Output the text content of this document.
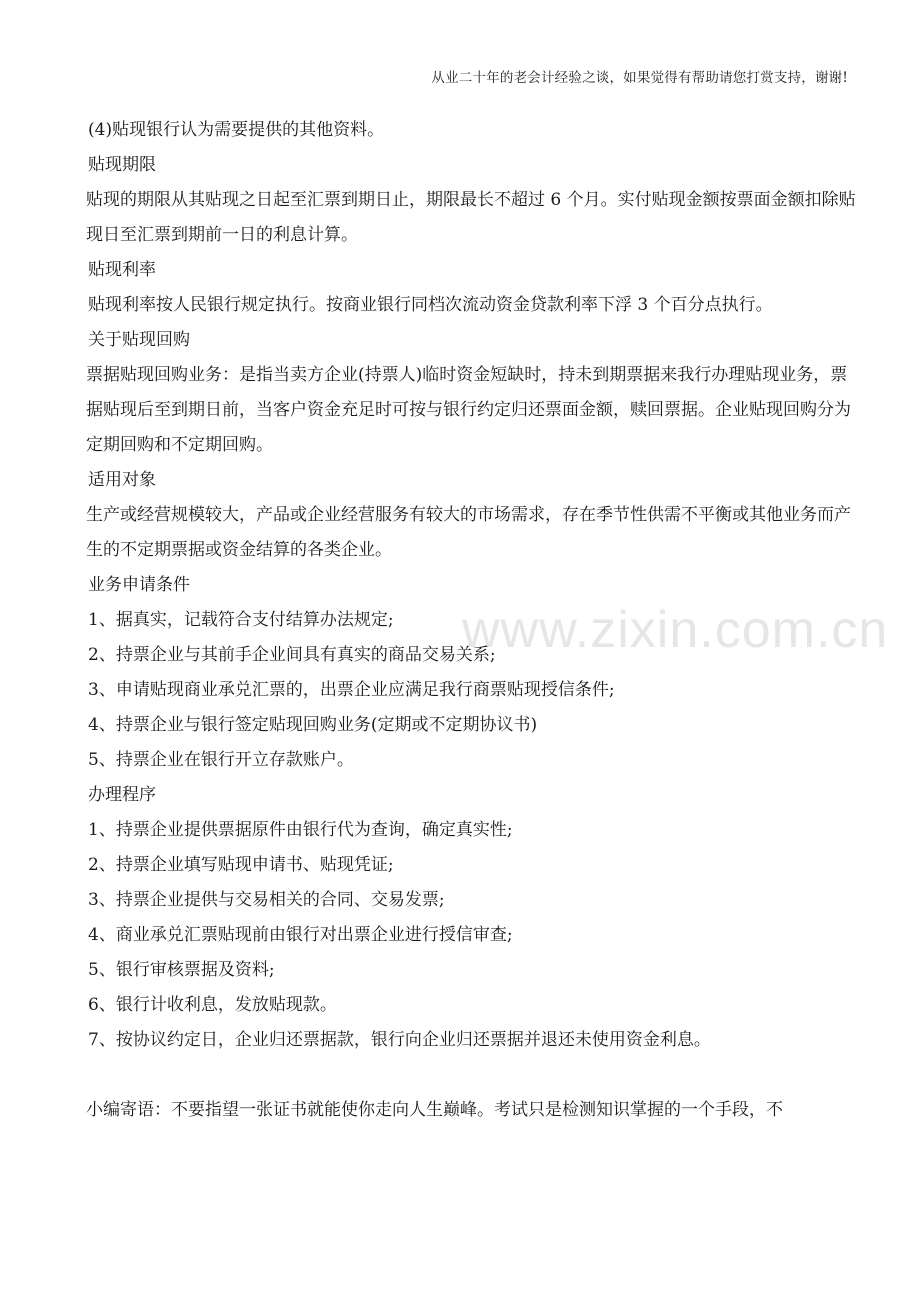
从业二十年的老会计经验之谈，如果觉得有帮助请您打赏支持，谢谢!
www.zixin.com.cn

(4)贴现银行认为需要提供的其他资料。

贴现期限

贴现的期限从其贴现之日起至汇票到期日止，期限最长不超过 6 个月。实付贴现金额按票面金额扣除贴现日至汇票到期前一日的利息计算。

贴现利率

贴现利率按人民银行规定执行。按商业银行同档次流动资金贷款利率下浮 3 个百分点执行。

关于贴现回购

票据贴现回购业务：是指当卖方企业(持票人)临时资金短缺时，持未到期票据来我行办理贴现业务，票据贴现后至到期日前，当客户资金充足时可按与银行约定归还票面金额，赎回票据。企业贴现回购分为定期回购和不定期回购。

适用对象

生产或经营规模较大，产品或企业经营服务有较大的市场需求，存在季节性供需不平衡或其他业务而产生的不定期票据或资金结算的各类企业。

业务申请条件

1、据真实，记载符合支付结算办法规定;

2、持票企业与其前手企业间具有真实的商品交易关系;

3、申请贴现商业承兑汇票的，出票企业应满足我行商票贴现授信条件;

4、持票企业与银行签定贴现回购业务(定期或不定期协议书)

5、持票企业在银行开立存款账户。

办理程序

1、持票企业提供票据原件由银行代为查询，确定真实性;

2、持票企业填写贴现申请书、贴现凭证;

3、持票企业提供与交易相关的合同、交易发票;

4、商业承兑汇票贴现前由银行对出票企业进行授信审查;

5、银行审核票据及资料;

6、银行计收利息，发放贴现款。

7、按协议约定日，企业归还票据款，银行向企业归还票据并退还未使用资金利息。

小编寄语：不要指望一张证书就能使你走向人生巅峰。考试只是检测知识掌握的一个手段，不
